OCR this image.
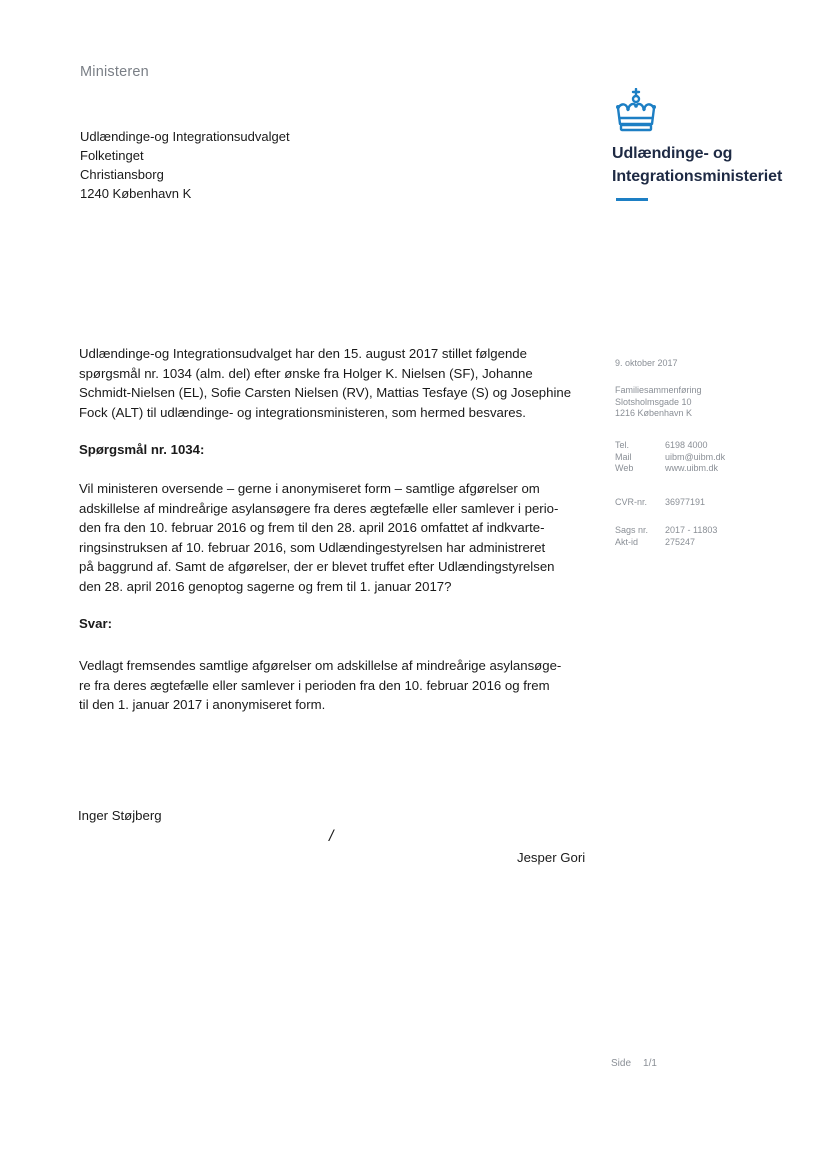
Ministeren
Udlændinge-og Integrationsudvalget
Folketinget
Christiansborg
1240 København K
Udlændinge- og
Integrationsministeriet
Udlændinge-og Integrationsudvalget har den 15. august 2017 stillet følgende
spørgsmål nr. 1034 (alm. del) efter ønske fra Holger K. Nielsen (SF), Johanne
Schmidt-Nielsen (EL), Sofie Carsten Nielsen (RV), Mattias Tesfaye (S) og Josephine
Fock (ALT) til udlændinge- og integrationsministeren, som hermed besvares.
Spørgsmål nr. 1034:
Vil ministeren oversende – gerne i anonymiseret form – samtlige afgørelser om
adskillelse af mindreårige asylansøgere fra deres ægtefælle eller samlever i perio-
den fra den 10. februar 2016 og frem til den 28. april 2016 omfattet af indkvarte-
ringsinstruksen af 10. februar 2016, som Udlændingestyrelsen har administreret
på baggrund af. Samt de afgørelser, der er blevet truffet efter Udlændingstyrelsen
den 28. april 2016 genoptog sagerne og frem til 1. januar 2017?
Svar:
Vedlagt fremsendes samtlige afgørelser om adskillelse af mindreårige asylansøge-
re fra deres ægtefælle eller samlever i perioden fra den 10. februar 2016 og frem
til den 1. januar 2017 i anonymiseret form.
9. oktober 2017
Familiesammenføring
Slotsholmsgade 10
1216 København K
Tel.	6198 4000
Mail	uibm@uibm.dk
Web	www.uibm.dk
CVR-nr.	36977191
Sags nr.	2017 - 11803
Akt-id	275247
Inger Støjberg
/
Jesper Gori
Side 1/1
